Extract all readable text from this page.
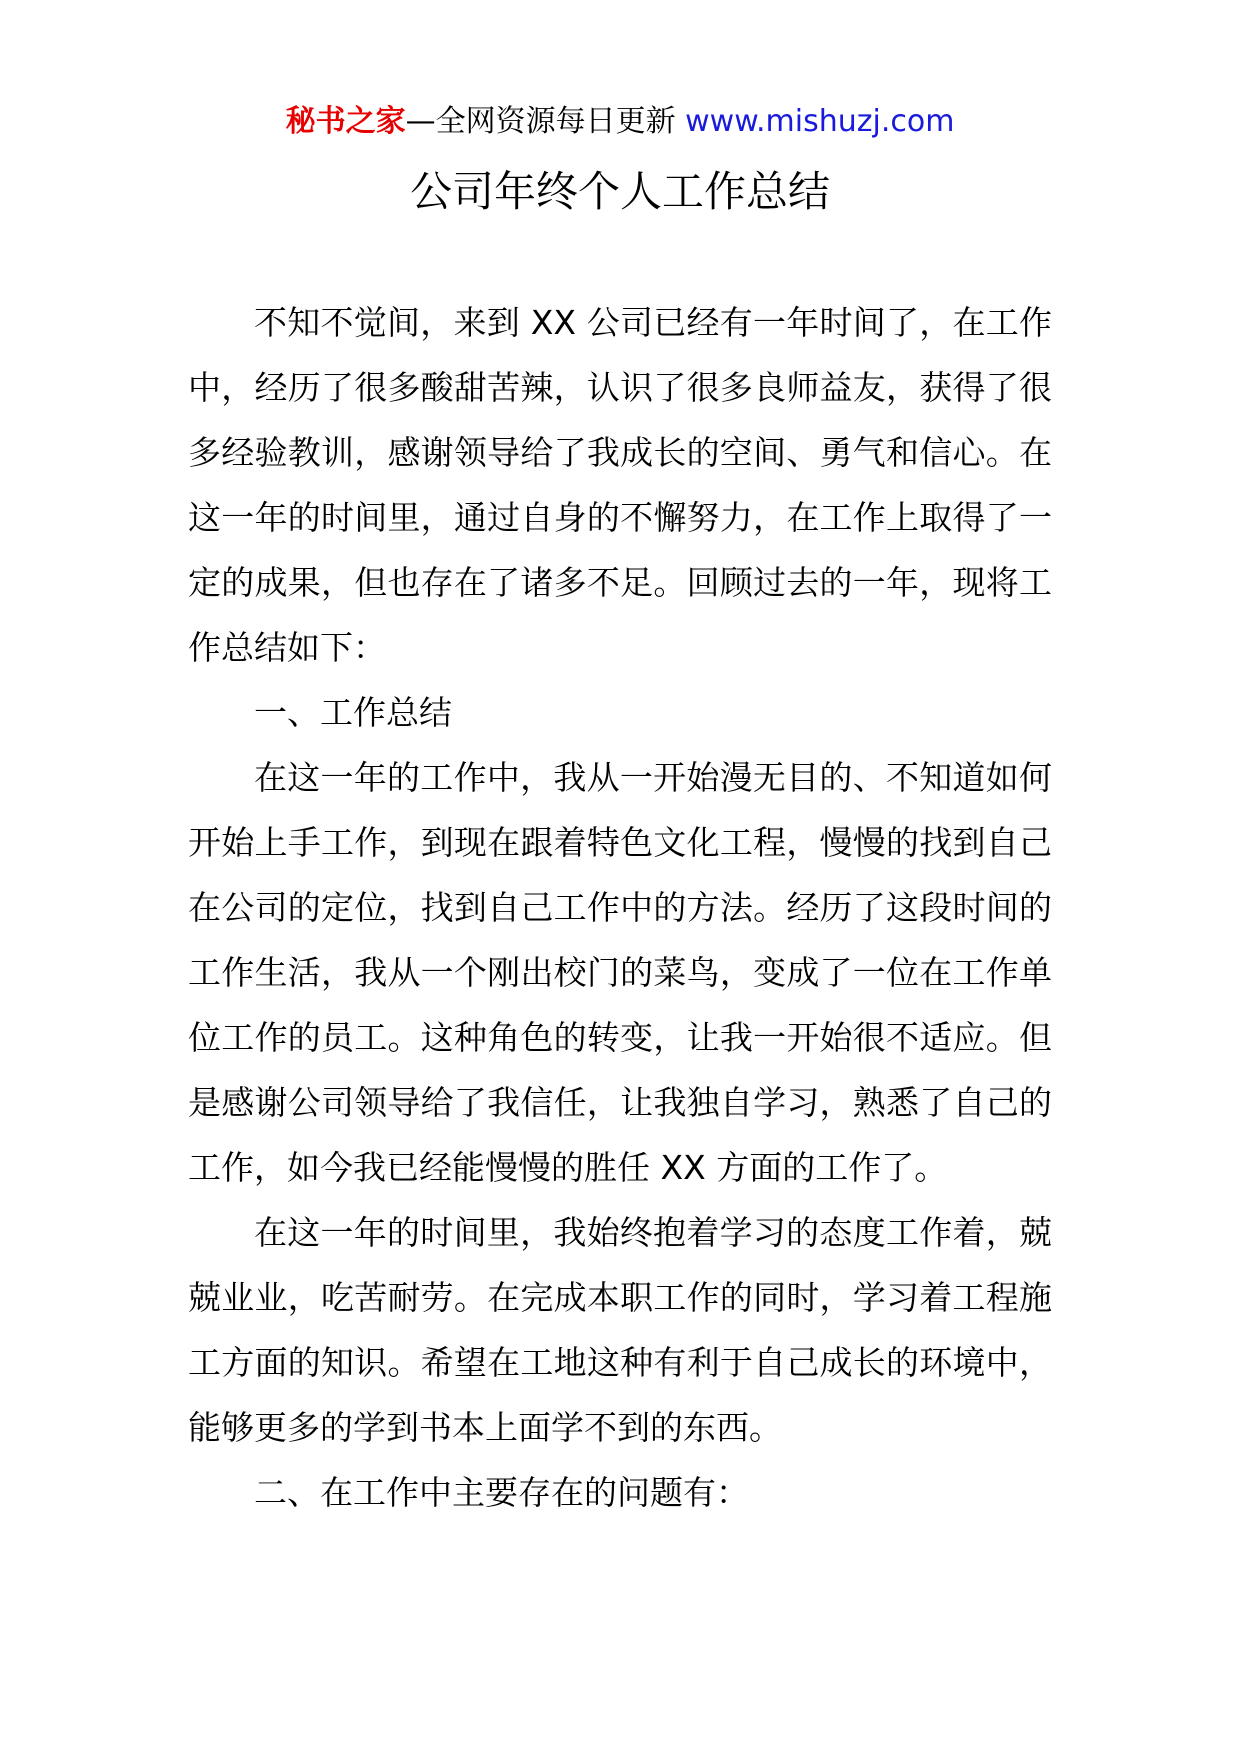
秘书之家—全网资源每日更新 www.mishuzj.com
公司年终个人工作总结

不知不觉间，来到 XX 公司已经有一年时间了，在工作中，经历了很多酸甜苦辣，认识了很多良师益友，获得了很多经验教训，感谢领导给了我成长的空间、勇气和信心。在这一年的时间里，通过自身的不懈努力，在工作上取得了一定的成果，但也存在了诸多不足。回顾过去的一年，现将工作总结如下：

一、工作总结

在这一年的工作中，我从一开始漫无目的、不知道如何开始上手工作，到现在跟着特色文化工程，慢慢的找到自己在公司的定位，找到自己工作中的方法。经历了这段时间的工作生活，我从一个刚出校门的菜鸟，变成了一位在工作单位工作的员工。这种角色的转变，让我一开始很不适应。但是感谢公司领导给了我信任，让我独自学习，熟悉了自己的工作，如今我已经能慢慢的胜任 XX 方面的工作了。

在这一年的时间里，我始终抱着学习的态度工作着，兢兢业业，吃苦耐劳。在完成本职工作的同时，学习着工程施工方面的知识。希望在工地这种有利于自己成长的环境中，能够更多的学到书本上面学不到的东西。

二、在工作中主要存在的问题有：
